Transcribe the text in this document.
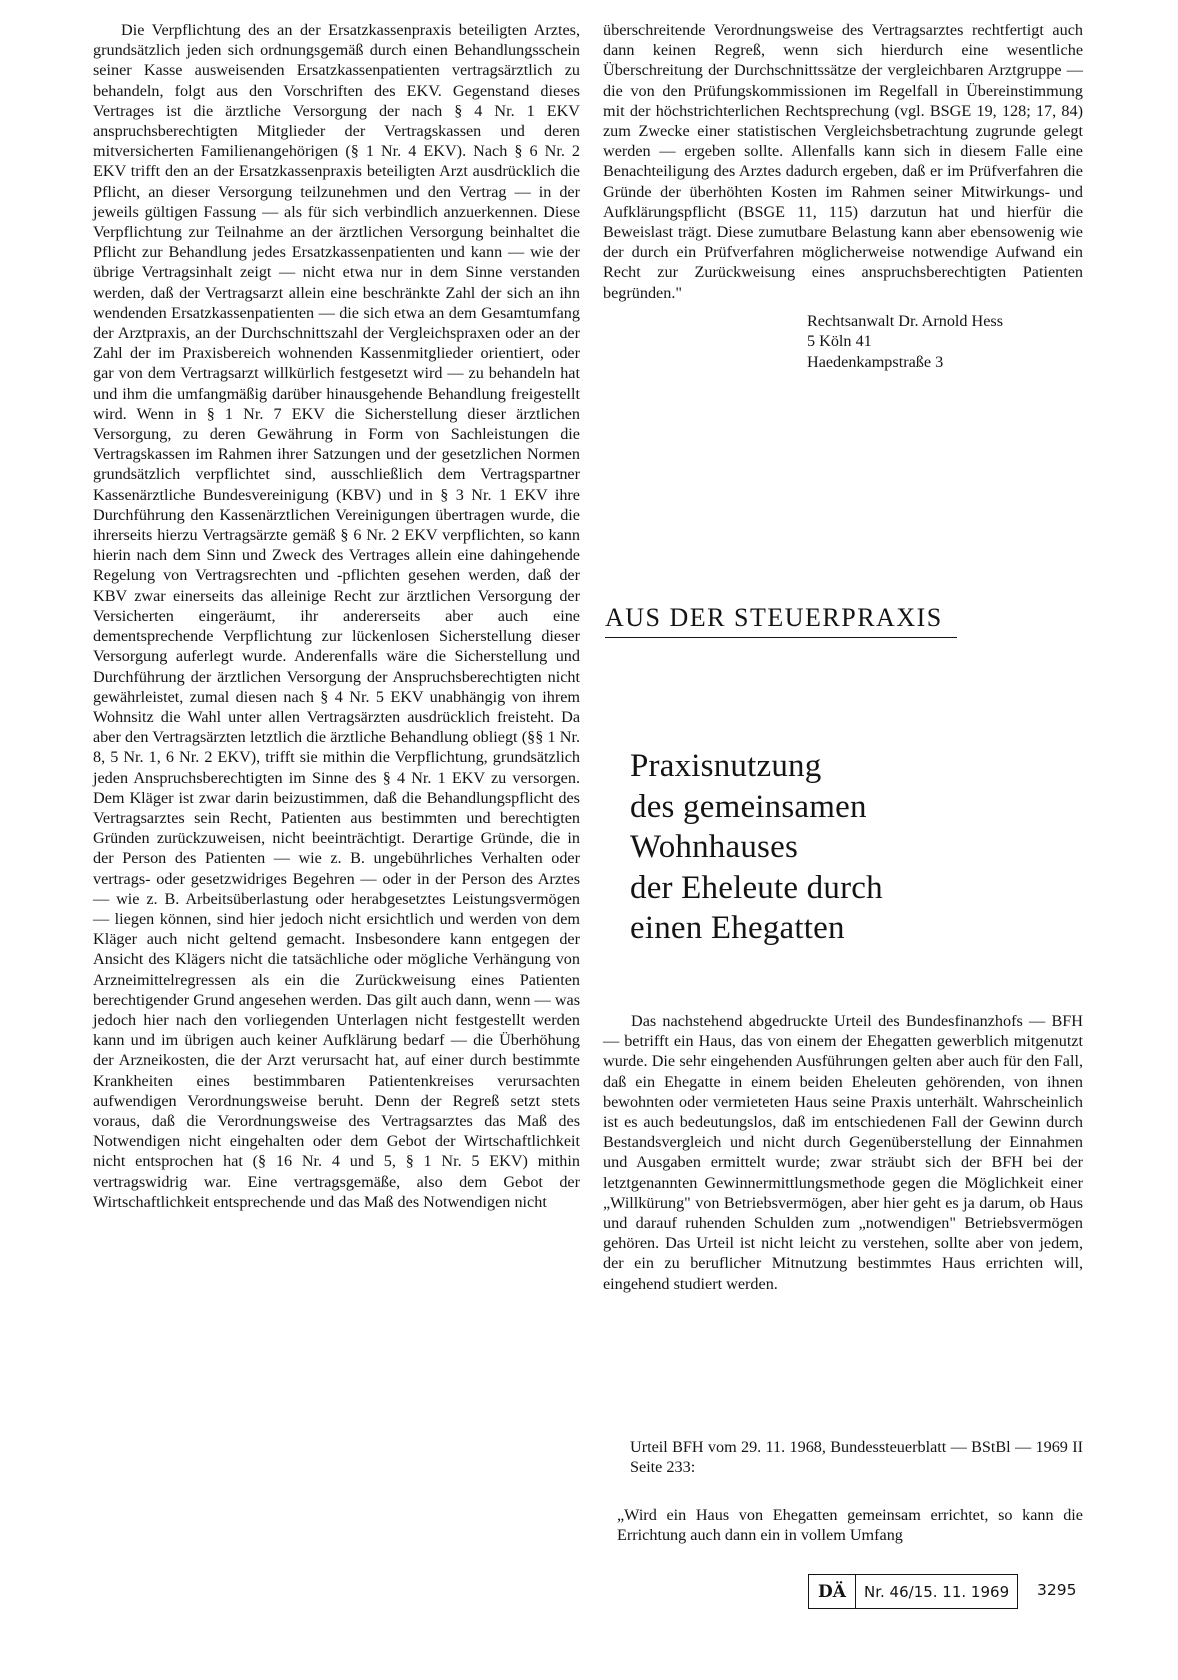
Die Verpflichtung des an der Ersatzkassenpraxis beteiligten Arztes, grundsätzlich jeden sich ordnungsgemäß durch einen Behandlungsschein seiner Kasse ausweisenden Ersatzkassenpatienten vertragsärztlich zu behandeln, folgt aus den Vorschriften des EKV. Gegenstand dieses Vertrages ist die ärztliche Versorgung der nach § 4 Nr. 1 EKV anspruchsberechtigten Mitglieder der Vertragskassen und deren mitversicherten Familienangehörigen (§ 1 Nr. 4 EKV). Nach § 6 Nr. 2 EKV trifft den an der Ersatzkassenpraxis beteiligten Arzt ausdrücklich die Pflicht, an dieser Versorgung teilzunehmen und den Vertrag — in der jeweils gültigen Fassung — als für sich verbindlich anzuerkennen. Diese Verpflichtung zur Teilnahme an der ärztlichen Versorgung beinhaltet die Pflicht zur Behandlung jedes Ersatzkassenpatienten und kann — wie der übrige Vertragsinhalt zeigt — nicht etwa nur in dem Sinne verstanden werden, daß der Vertragsarzt allein eine beschränkte Zahl der sich an ihn wendenden Ersatzkassenpatienten — die sich etwa an dem Gesamtumfang der Arztpraxis, an der Durchschnittszahl der Vergleichspraxen oder an der Zahl der im Praxisbereich wohnenden Kassenmitglieder orientiert, oder gar von dem Vertragsarzt willkürlich festgesetzt wird — zu behandeln hat und ihm die umfangmäßig darüber hinausgehende Behandlung freigestellt wird. Wenn in § 1 Nr. 7 EKV die Sicherstellung dieser ärztlichen Versorgung, zu deren Gewährung in Form von Sachleistungen die Vertragskassen im Rahmen ihrer Satzungen und der gesetzlichen Normen grundsätzlich verpflichtet sind, ausschließlich dem Vertragspartner Kassenärztliche Bundesvereinigung (KBV) und in § 3 Nr. 1 EKV ihre Durchführung den Kassenärztlichen Vereinigungen übertragen wurde, die ihrerseits hierzu Vertragsärzte gemäß § 6 Nr. 2 EKV verpflichten, so kann hierin nach dem Sinn und Zweck des Vertrages allein eine dahingehende Regelung von Vertragsrechten und -pflichten gesehen werden, daß der KBV zwar einerseits das alleinige Recht zur ärztlichen Versorgung der Versicherten eingeräumt, ihr andererseits aber auch eine dementsprechende Verpflichtung zur lückenlosen Sicherstellung dieser Versorgung auferlegt wurde. Anderenfalls wäre die Sicherstellung und Durchführung der ärztlichen Versorgung der Anspruchsberechtigten nicht gewährleistet, zumal diesen nach § 4 Nr. 5 EKV unabhängig von ihrem Wohnsitz die Wahl unter allen Vertragsärzten ausdrücklich freisteht. Da aber den Vertragsärzten letztlich die ärztliche Behandlung obliegt (§§ 1 Nr. 8, 5 Nr. 1, 6 Nr. 2 EKV), trifft sie mithin die Verpflichtung, grundsätzlich jeden Anspruchsberechtigten im Sinne des § 4 Nr. 1 EKV zu versorgen. Dem Kläger ist zwar darin beizustimmen, daß die Behandlungspflicht des Vertragsarztes sein Recht, Patienten aus bestimmten und berechtigten Gründen zurückzuweisen, nicht beeinträchtigt. Derartige Gründe, die in der Person des Patienten — wie z. B. ungebührliches Verhalten oder vertrags- oder gesetzwidriges Begehren — oder in der Person des Arztes — wie z. B. Arbeitsüberlastung oder herabgesetztes Leistungsvermögen — liegen können, sind hier jedoch nicht ersichtlich und werden von dem Kläger auch nicht geltend gemacht. Insbesondere kann entgegen der Ansicht des Klägers nicht die tatsächliche oder mögliche Verhängung von Arzneimittelregressen als ein die Zurückweisung eines Patienten berechtigender Grund angesehen werden. Das gilt auch dann, wenn — was jedoch hier nach den vorliegenden Unterlagen nicht festgestellt werden kann und im übrigen auch keiner Aufklärung bedarf — die Überhöhung der Arzneikosten, die der Arzt verursacht hat, auf einer durch bestimmte Krankheiten eines bestimmbaren Patientenkreises verursachten aufwendigen Verordnungsweise beruht. Denn der Regreß setzt stets voraus, daß die Verordnungsweise des Vertragsarztes das Maß des Notwendigen nicht eingehalten oder dem Gebot der Wirtschaftlichkeit nicht entsprochen hat (§ 16 Nr. 4 und 5, § 1 Nr. 5 EKV) mithin vertragswidrig war. Eine vertragsgemäße, also dem Gebot der Wirtschaftlichkeit entsprechende und das Maß des Notwendigen nicht

überschreitende Verordnungsweise des Vertragsarztes rechtfertigt auch dann keinen Regreß, wenn sich hierdurch eine wesentliche Überschreitung der Durchschnittssätze der vergleichbaren Arztgruppe — die von den Prüfungskommissionen im Regelfall in Übereinstimmung mit der höchstrichterlichen Rechtsprechung (vgl. BSGE 19, 128; 17, 84) zum Zwecke einer statistischen Vergleichsbetrachtung zugrunde gelegt werden — ergeben sollte. Allenfalls kann sich in diesem Falle eine Benachteiligung des Arztes dadurch ergeben, daß er im Prüfverfahren die Gründe der überhöhten Kosten im Rahmen seiner Mitwirkungs- und Aufklärungspflicht (BSGE 11, 115) darzutun hat und hierfür die Beweislast trägt. Diese zumutbare Belastung kann aber ebensowenig wie der durch ein Prüfverfahren möglicherweise notwendige Aufwand ein Recht zur Zurückweisung eines anspruchsberechtigten Patienten begründen."

Rechtsanwalt Dr. Arnold Hess
5 Köln 41
Haedenkampstraße 3
AUS DER STEUERPRAXIS
Praxisnutzung
des gemeinsamen
Wohnhauses
der Eheleute durch
einen Ehegatten

Das nachstehend abgedruckte Urteil des Bundesfinanzhofs — BFH — betrifft ein Haus, das von einem der Ehegatten gewerblich mitgenutzt wurde. Die sehr eingehenden Ausführungen gelten aber auch für den Fall, daß ein Ehegatte in einem beiden Eheleuten gehörenden, von ihnen bewohnten oder vermieteten Haus seine Praxis unterhält. Wahrscheinlich ist es auch bedeutungslos, daß im entschiedenen Fall der Gewinn durch Bestandsvergleich und nicht durch Gegenüberstellung der Einnahmen und Ausgaben ermittelt wurde; zwar sträubt sich der BFH bei der letztgenannten Gewinnermittlungsmethode gegen die Möglichkeit einer „Willkürung" von Betriebsvermögen, aber hier geht es ja darum, ob Haus und darauf ruhenden Schulden zum „notwendigen" Betriebsvermögen gehören. Das Urteil ist nicht leicht zu verstehen, sollte aber von jedem, der ein zu beruflicher Mitnutzung bestimmtes Haus errichten will, eingehend studiert werden.

Urteil BFH vom 29. 11. 1968, Bundessteuerblatt — BStBl — 1969 II Seite 233:

„Wird ein Haus von Ehegatten gemeinsam errichtet, so kann die Errichtung auch dann ein in vollem Umfang

DÄ	Nr. 46/15. 11. 1969	3295
